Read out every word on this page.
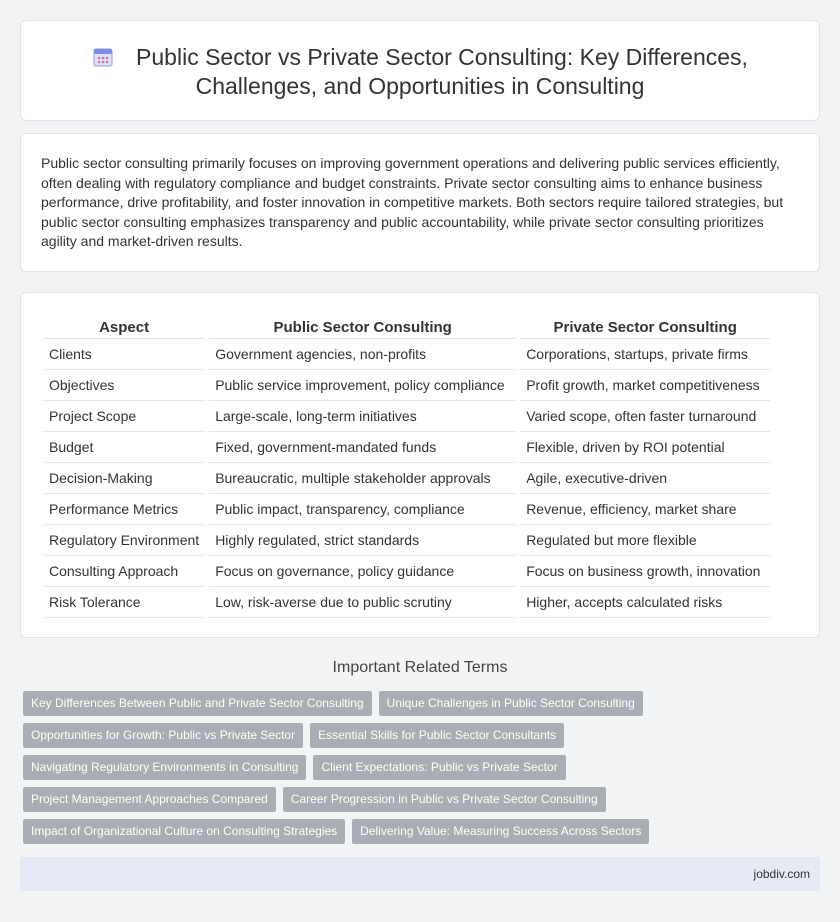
Public Sector vs Private Sector Consulting: Key Differences, Challenges, and Opportunities in Consulting

Public sector consulting primarily focuses on improving government operations and delivering public services efficiently, often dealing with regulatory compliance and budget constraints. Private sector consulting aims to enhance business performance, drive profitability, and foster innovation in competitive markets. Both sectors require tailored strategies, but public sector consulting emphasizes transparency and public accountability, while private sector consulting prioritizes agility and market-driven results.

Aspect		Public Sector Consulting		Private Sector Consulting
Clients		Government agencies, non-profits		Corporations, startups, private firms
Objectives		Public service improvement, policy compliance		Profit growth, market competitiveness
Project Scope		Large-scale, long-term initiatives		Varied scope, often faster turnaround
Budget		Fixed, government-mandated funds		Flexible, driven by ROI potential
Decision-Making		Bureaucratic, multiple stakeholder approvals		Agile, executive-driven
Performance Metrics		Public impact, transparency, compliance		Revenue, efficiency, market share
Regulatory Environment		Highly regulated, strict standards		Regulated but more flexible
Consulting Approach		Focus on governance, policy guidance		Focus on business growth, innovation
Risk Tolerance		Low, risk-averse due to public scrutiny		Higher, accepts calculated risks
Important Related Terms
Key Differences Between Public and Private Sector Consulting	Unique Challenges in Public Sector Consulting
Opportunities for Growth: Public vs Private Sector	Essential Skills for Public Sector Consultants
Navigating Regulatory Environments in Consulting	Client Expectations: Public vs Private Sector
Project Management Approaches Compared	Career Progression in Public vs Private Sector Consulting
Impact of Organizational Culture on Consulting Strategies	Delivering Value: Measuring Success Across Sectors
jobdiv.com
